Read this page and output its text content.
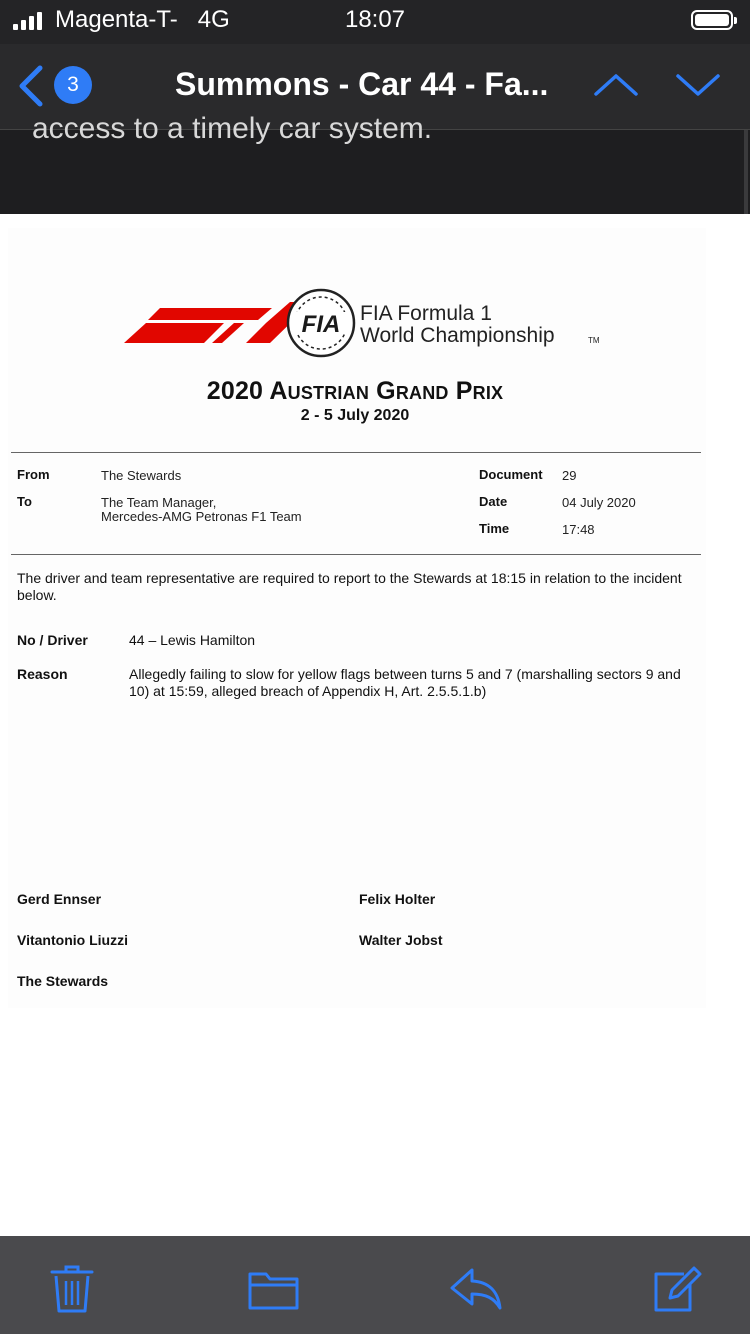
Magenta-T- 4G	18:07
3	Summons - Car 44 - Fa...
access to a timely car system.
FIA FIA Formula 1
World Championship	TM
2020 Austrian Grand Prix
2 - 5 July 2020
From	The Stewards
To	The Team Manager,
Mercedes-AMG Petronas F1 Team
Document 29
Date	04 July 2020
Time	17:48
The driver and team representative are required to report to the Stewards at 18:15 in relation to the incident below.
No / Driver	44 – Lewis Hamilton
Reason	Allegedly failing to slow for yellow flags between turns 5 and 7 (marshalling sectors 9 and 10) at 15:59, alleged breach of Appendix H, Art. 2.5.5.1.b)
Gerd Ennser	Felix Holter
Vitantonio Liuzzi	Walter Jobst
The Stewards
